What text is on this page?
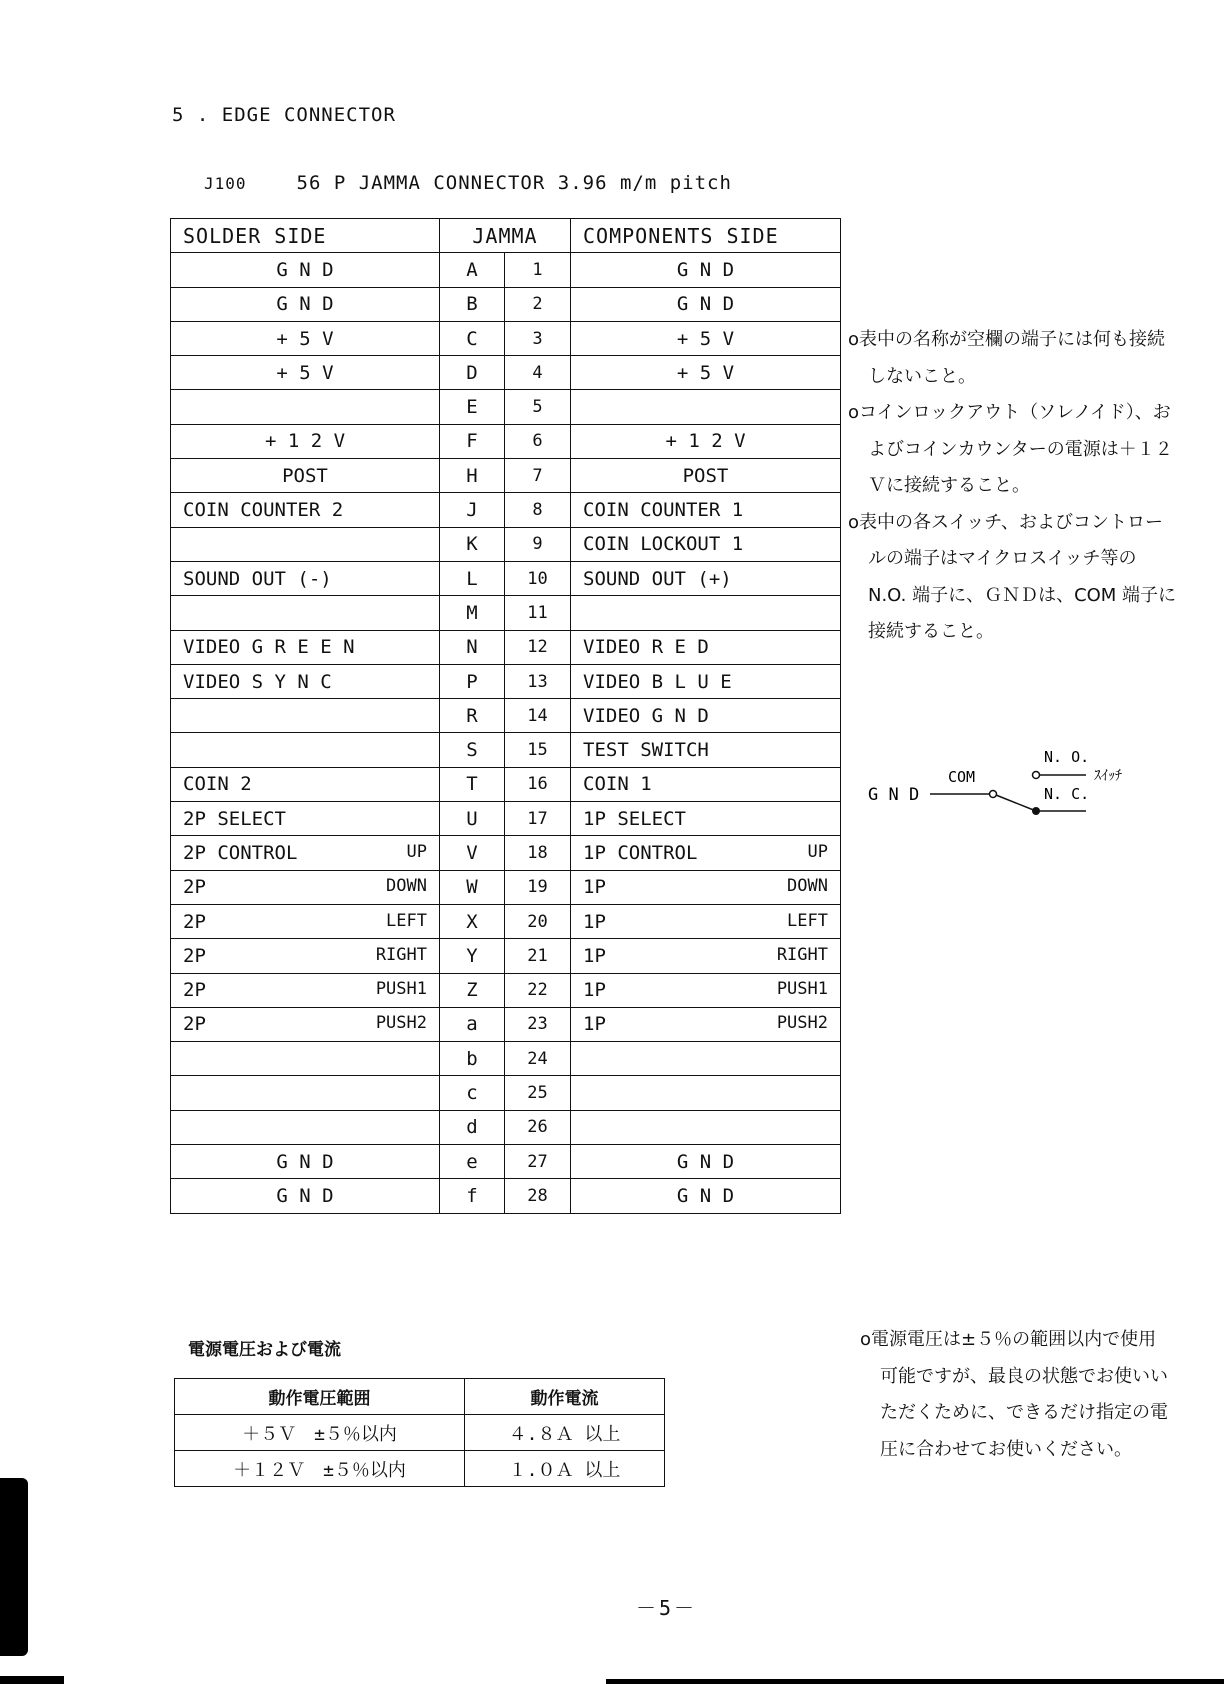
5 . EDGE CONNECTOR
J100	56 P JAMMA CONNECTOR 3.96 m/m pitch
SOLDER SIDE	JAMMA		COMPONENTS SIDE
G N D	A	1	G N D
G N D	B	2	G N D
+ 5 V	C	3	+ 5 V
+ 5 V	D	4	+ 5 V
	E	5	
+ 1 2 V	F	6	+ 1 2 V
POST	H	7	POST
COIN COUNTER 2	J	8	COIN COUNTER 1
	K	9	COIN LOCKOUT 1
SOUND OUT (-)	L	10	SOUND OUT (+)
	M	11	
VIDEO G R E E N	N	12	VIDEO R E D
VIDEO S Y N C	P	13	VIDEO B L U E
	R	14	VIDEO G N D
	S	15	TEST SWITCH
COIN 2	T	16	COIN 1
2P SELECT	U	17	1P SELECT

2P CONTROL UP	V	18	1P CONTROL UP

2P DOWN	W	19	1P DOWN

2P LEFT	X	20	1P LEFT

2P RIGHT	Y	21	1P RIGHT

2P PUSH1	Z	22	1P PUSH1

2P PUSH2	a	23	1P PUSH2

	b	24	
	c	25	
	d	26	
G N D	e	27	G N D
G N D	f	28	G N D

o表中の名称が空欄の端子には何も接続しないこと。

oコインロックアウト（ソレノイド）、およびコインカウンターの電源は＋１２Ｖに接続すること。

o表中の各スイッチ、およびコントロールの端子はマイクロスイッチ等の N.O. 端子に、ＧＮＤは、COM 端子に接続すること。

G N D
COM
N. O.
N. C.
ｽｲｯﾁ
電源電圧および電流
動作電圧範囲	動作電流
＋５Ｖ　±５％以内	４.８Ａ 以上
＋１２Ｖ　±５％以内	１.０Ａ 以上

o電源電圧は±５％の範囲以内で使用可能ですが、最良の状態でお使いいただくために、できるだけ指定の電圧に合わせてお使いください。

－5－
